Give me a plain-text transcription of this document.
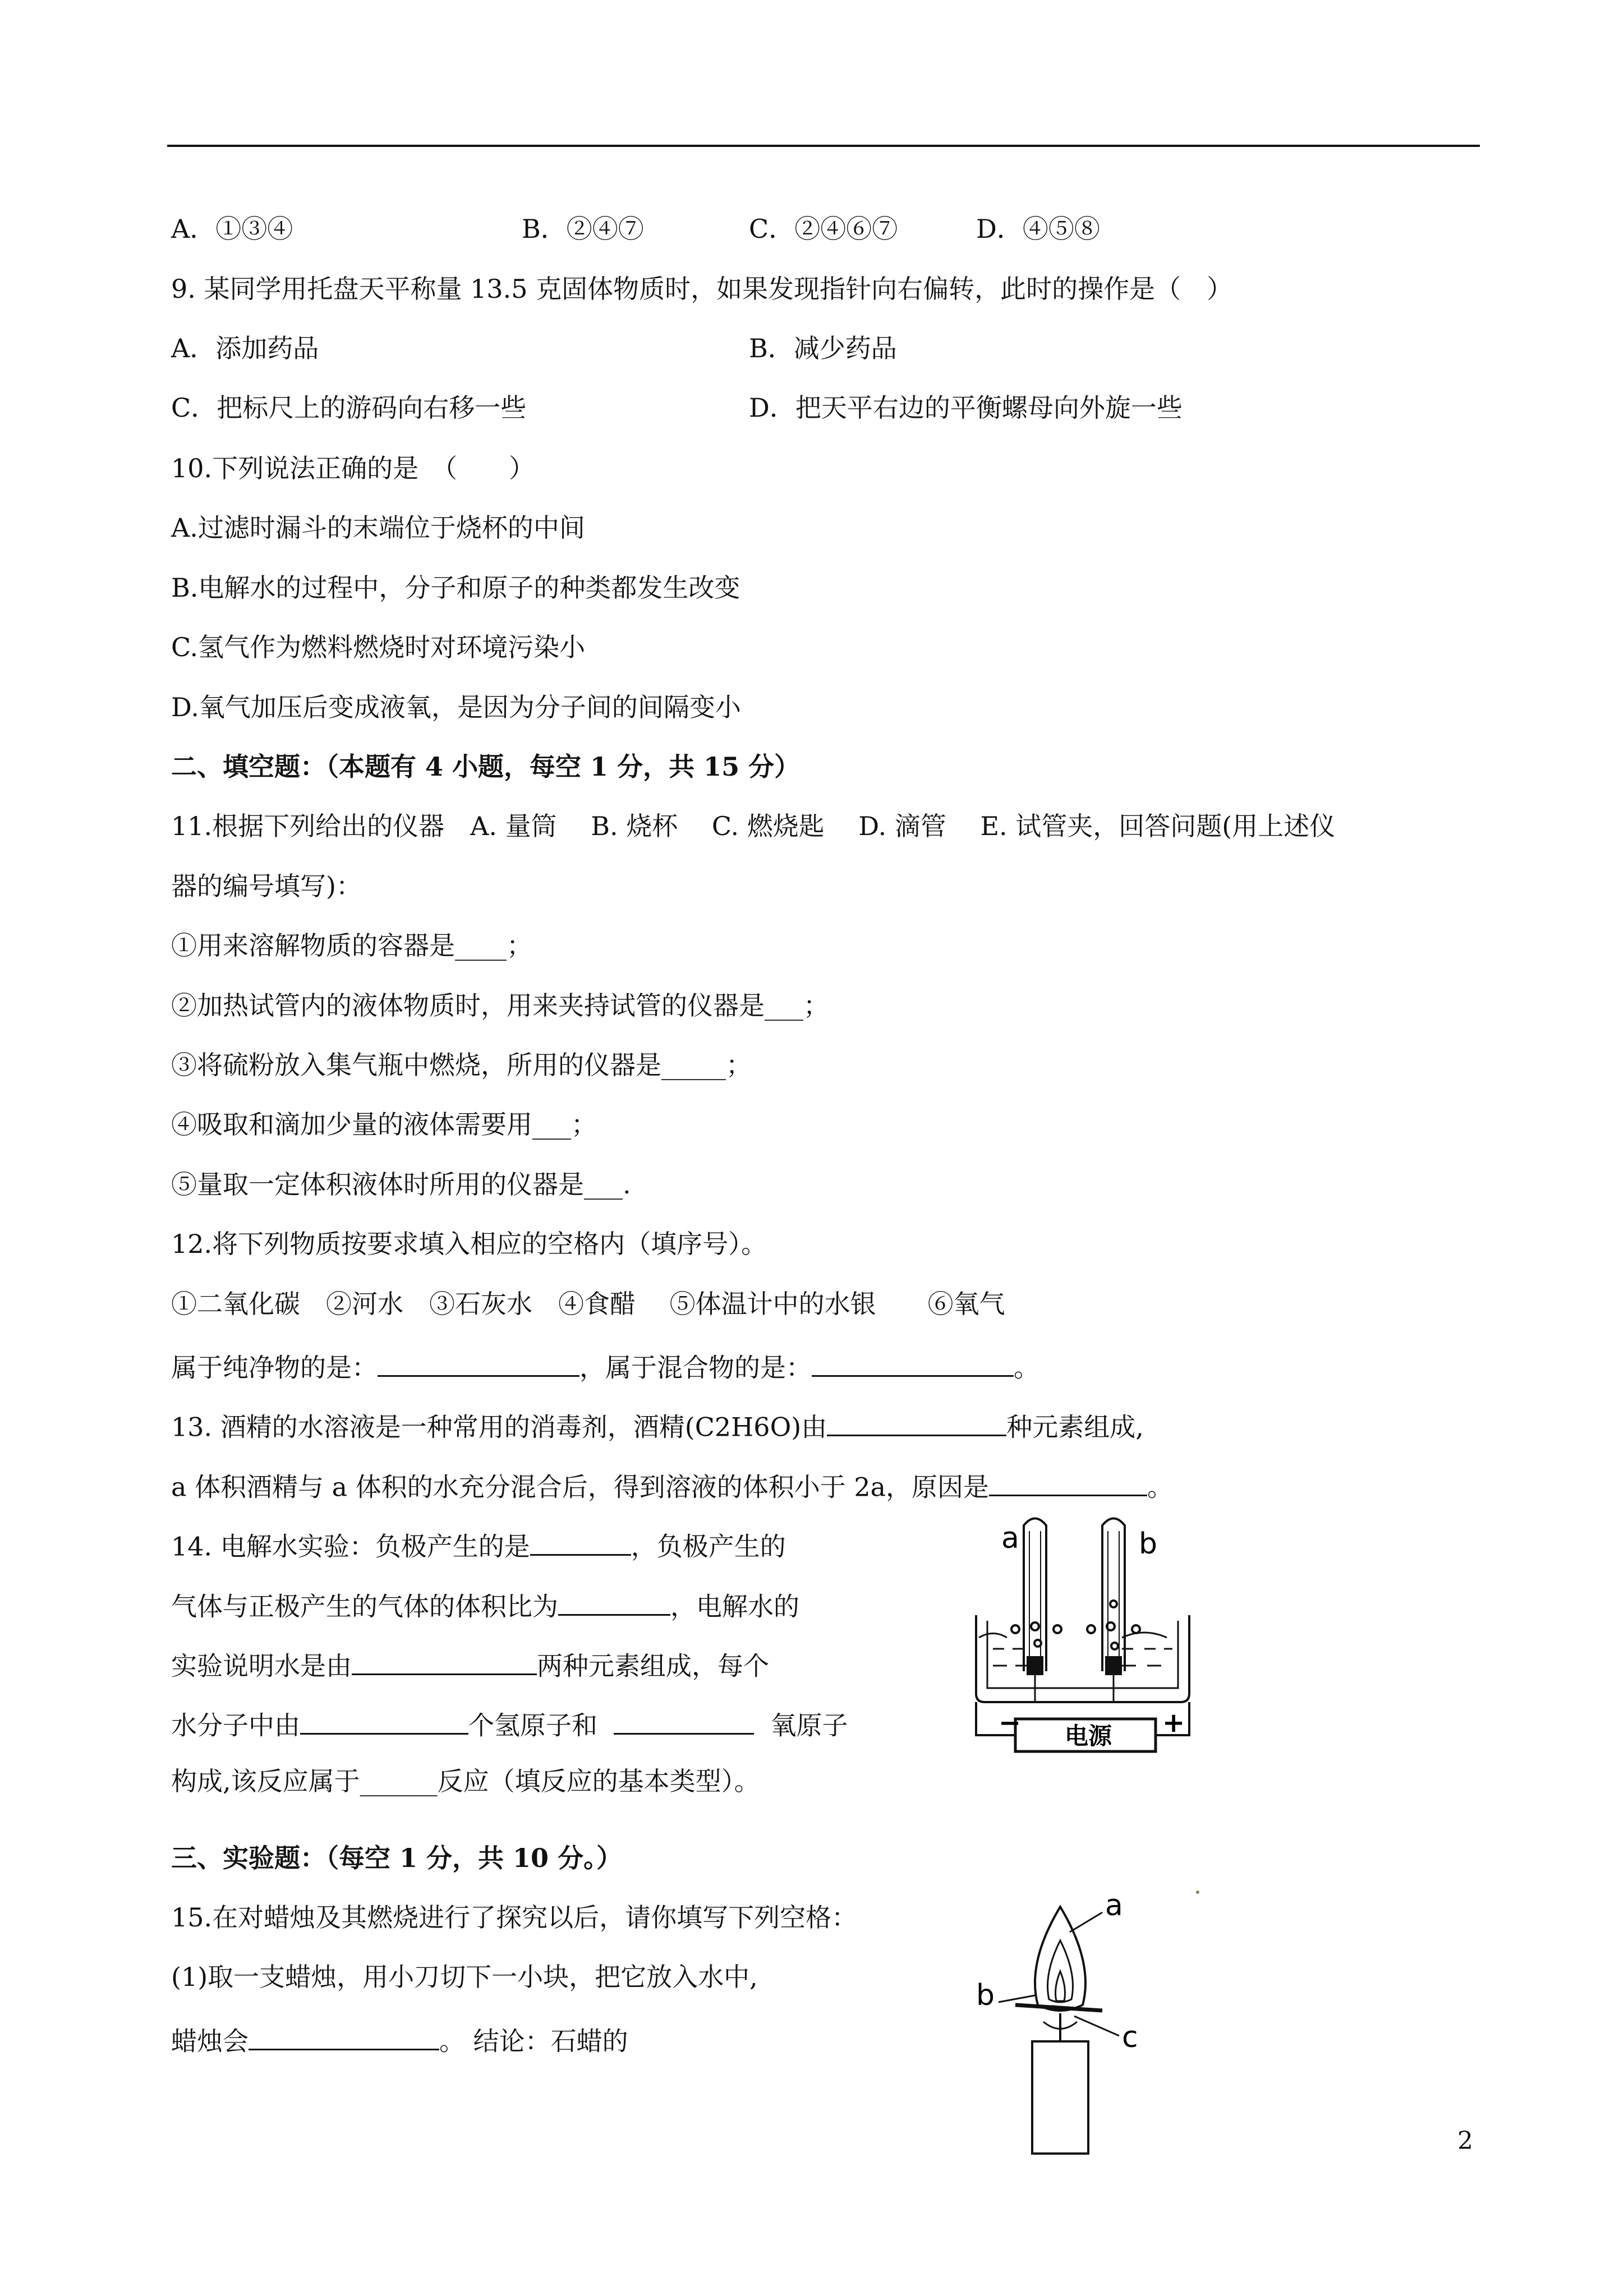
A．①③④	B．②④⑦	C．②④⑥⑦	D．④⑤⑧
9. 某同学用托盘天平称量 13.5 克固体物质时，如果发现指针向右偏转，此时的操作是（　）
A．添加药品	B．减少药品
C．把标尺上的游码向右移一些	D．把天平右边的平衡螺母向外旋一些
10.下列说法正确的是　（　　）
A.过滤时漏斗的末端位于烧杯的中间
B.电解水的过程中，分子和原子的种类都发生改变
C.氢气作为燃料燃烧时对环境污染小
D.氧气加压后变成液氧，是因为分子间的间隔变小
二、填空题：（本题有 4 小题，每空 1 分，共 15 分）
11.根据下列给出的仪器　A. 量筒　 B. 烧杯　 C. 燃烧匙　 D. 滴管　 E. 试管夹，回答问题(用上述仪
器的编号填写)：
①用来溶解物质的容器是____；
②加热试管内的液体物质时，用来夹持试管的仪器是___；
③将硫粉放入集气瓶中燃烧，所用的仪器是_____；
④吸取和滴加少量的液体需要用___；
⑤量取一定体积液体时所用的仪器是___.
12.将下列物质按要求填入相应的空格内（填序号）。
①二氧化碳　②河水　③石灰水　④食醋　 ⑤体温计中的水银　　⑥氧气
属于纯净物的是：	，属于混合物的是：	。
13. 酒精的水溶液是一种常用的消毒剂，酒精(C2H6O)由	种元素组成,
a 体积酒精与 a 体积的水充分混合后，得到溶液的体积小于 2a，原因是	。
14. 电解水实验：负极产生的是	，负极产生的
气体与正极产生的气体的体积比为	，电解水的
实验说明水是由	两种元素组成，每个
水分子中由	个氢原子和	氧原子
构成,该反应属于______反应（填反应的基本类型）。
a	b
电源
−	+
三、实验题：（每空 1 分，共 10 分。）
15.在对蜡烛及其燃烧进行了探究以后，请你填写下列空格：
(1)取一支蜡烛，用小刀切下一小块，把它放入水中,
蜡烛会	。 结论：石蜡的
a
b
c
2
